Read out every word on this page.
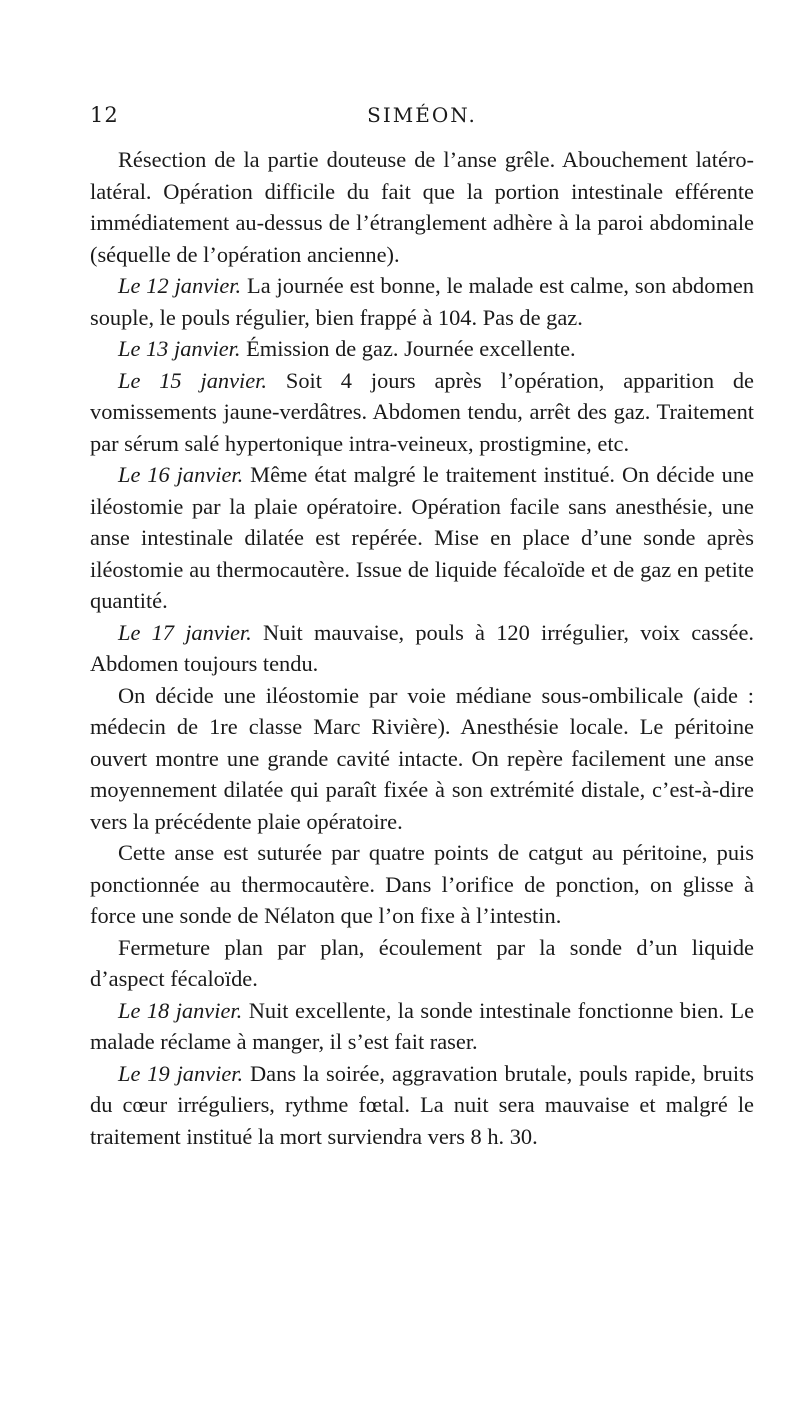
12	SIMÉON.

Résection de la partie douteuse de l’anse grêle. Abouchement latéro-latéral. Opération difficile du fait que la portion intestinale efférente immédiatement au-dessus de l’étranglement adhère à la paroi abdominale (séquelle de l’opération ancienne).

Le 12 janvier. La journée est bonne, le malade est calme, son abdomen souple, le pouls régulier, bien frappé à 104. Pas de gaz.

Le 13 janvier. Émission de gaz. Journée excellente.

Le 15 janvier. Soit 4 jours après l’opération, apparition de vomissements jaune-verdâtres. Abdomen tendu, arrêt des gaz. Traitement par sérum salé hypertonique intra-veineux, prostigmine, etc.

Le 16 janvier. Même état malgré le traitement institué. On décide une iléostomie par la plaie opératoire. Opération facile sans anesthésie, une anse intestinale dilatée est repérée. Mise en place d’une sonde après iléostomie au thermocautère. Issue de liquide fécaloïde et de gaz en petite quantité.

Le 17 janvier. Nuit mauvaise, pouls à 120 irrégulier, voix cassée. Abdomen toujours tendu.

On décide une iléostomie par voie médiane sous-ombilicale (aide : médecin de 1re classe Marc Rivière). Anesthésie locale. Le péritoine ouvert montre une grande cavité intacte. On repère facilement une anse moyennement dilatée qui paraît fixée à son extrémité distale, c’est-à-dire vers la précédente plaie opératoire.

Cette anse est suturée par quatre points de catgut au péritoine, puis ponctionnée au thermocautère. Dans l’orifice de ponction, on glisse à force une sonde de Nélaton que l’on fixe à l’intestin.

Fermeture plan par plan, écoulement par la sonde d’un liquide d’aspect fécaloïde.

Le 18 janvier. Nuit excellente, la sonde intestinale fonctionne bien. Le malade réclame à manger, il s’est fait raser.

Le 19 janvier. Dans la soirée, aggravation brutale, pouls rapide, bruits du cœur irréguliers, rythme fœtal. La nuit sera mauvaise et malgré le traitement institué la mort surviendra vers 8 h. 30.
